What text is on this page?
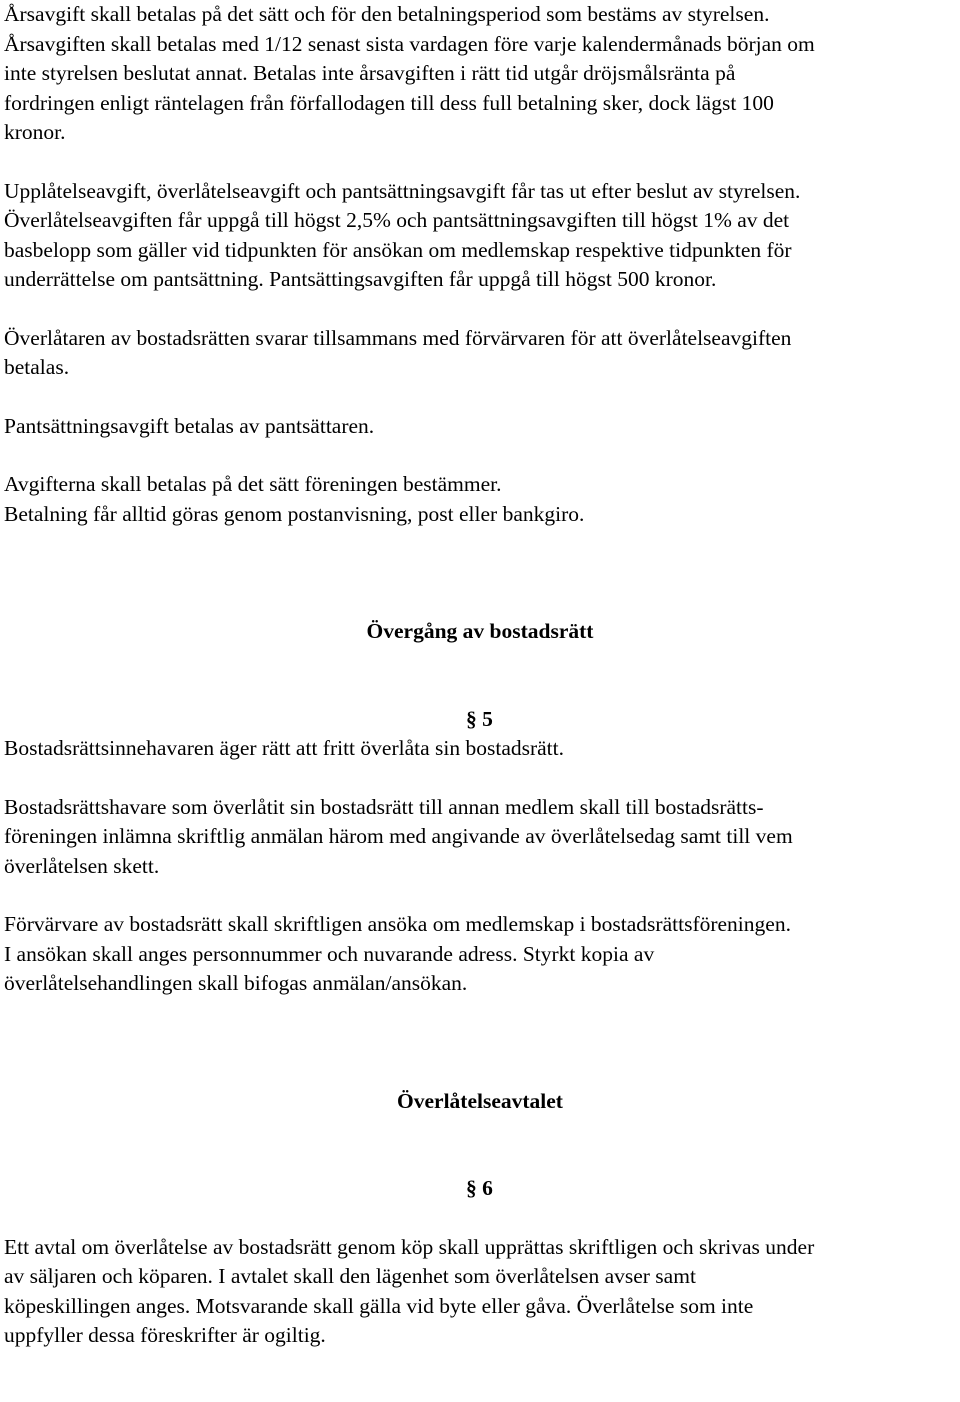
Årsavgift skall betalas på det sätt och för den betalningsperiod som bestäms av styrelsen.
Årsavgiften skall betalas med 1/12 senast sista vardagen före varje kalendermånads början om
inte styrelsen beslutat annat. Betalas inte årsavgiften i rätt tid utgår dröjsmålsränta på
fordringen enligt räntelagen från förfallodagen till dess full betalning sker, dock lägst 100
kronor.
Upplåtelseavgift, överlåtelseavgift och pantsättningsavgift får tas ut efter beslut av styrelsen.
Överlåtelseavgiften får uppgå till högst 2,5% och pantsättningsavgiften till högst 1% av det
basbelopp som gäller vid tidpunkten för ansökan om medlemskap respektive tidpunkten för
underrättelse om pantsättning. Pantsättingsavgiften får uppgå till högst 500 kronor.
Överlåtaren av bostadsrätten svarar tillsammans med förvärvaren för att överlåtelseavgiften
betalas.
Pantsättningsavgift betalas av pantsättaren.
Avgifterna skall betalas på det sätt föreningen bestämmer.
Betalning får alltid göras genom postanvisning, post eller bankgiro.
Övergång av bostadsrätt
§ 5
Bostadsrättsinnehavaren äger rätt att fritt överlåta sin bostadsrätt.
Bostadsrättshavare som överlåtit sin bostadsrätt till annan medlem skall till bostadsrätts-
föreningen inlämna skriftlig anmälan härom med angivande av överlåtelsedag samt till vem
överlåtelsen skett.
Förvärvare av bostadsrätt skall skriftligen ansöka om medlemskap i bostadsrättsföreningen.
I ansökan skall anges personnummer och nuvarande adress. Styrkt kopia av
överlåtelsehandlingen skall bifogas anmälan/ansökan.
Överlåtelseavtalet
§ 6
Ett avtal om överlåtelse av bostadsrätt genom köp skall upprättas skriftligen och skrivas under
av säljaren och köparen. I avtalet skall den lägenhet som överlåtelsen avser samt
köpeskillingen anges. Motsvarande skall gälla vid byte eller gåva. Överlåtelse som inte
uppfyller dessa föreskrifter är ogiltig.
